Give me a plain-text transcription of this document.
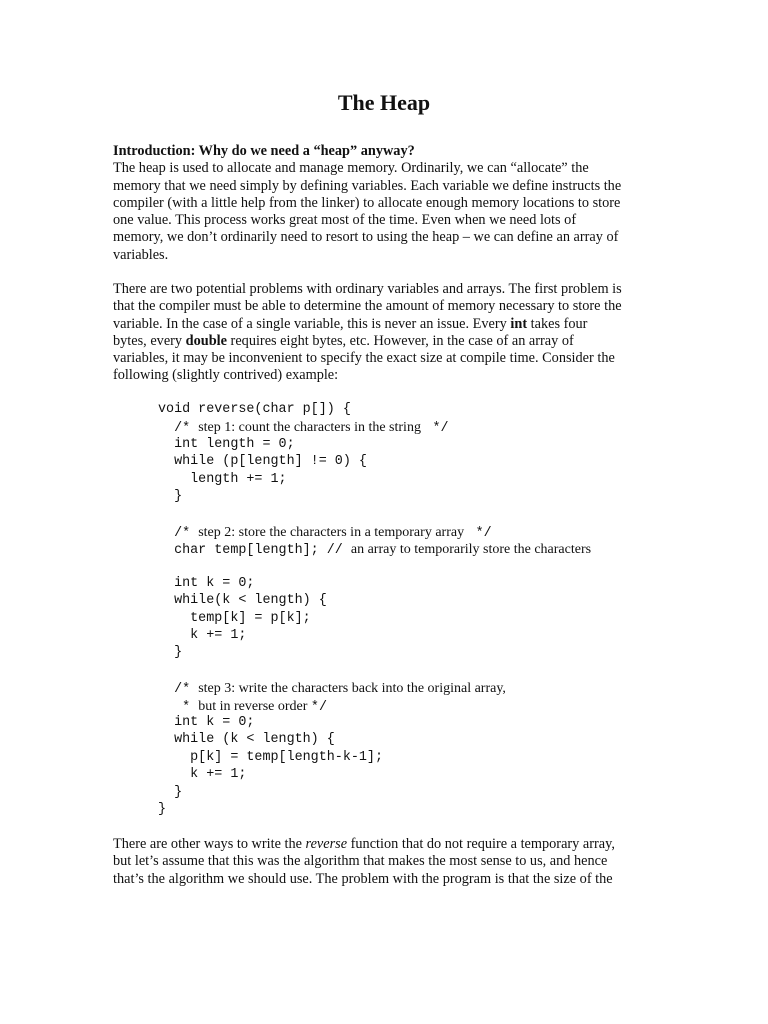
The Heap
Introduction: Why do we need a “heap” anyway?
The heap is used to allocate and manage memory. Ordinarily, we can “allocate” the
memory that we need simply by defining variables. Each variable we define instructs the
compiler (with a little help from the linker) to allocate enough memory locations to store
one value. This process works great most of the time. Even when we need lots of
memory, we don’t ordinarily need to resort to using the heap – we can define an array of
variables.
There are two potential problems with ordinary variables and arrays. The first problem is
that the compiler must be able to determine the amount of memory necessary to store the
variable. In the case of a single variable, this is never an issue. Every int takes four
bytes, every double requires eight bytes, etc. However, in the case of an array of
variables, it may be inconvenient to specify the exact size at compile time. Consider the
following (slightly contrived) example:
void reverse(char p[]) {
/* step 1: count the characters in the string  */
int length = 0;
while (p[length] != 0) {
length += 1;
}
/* step 2: store the characters in a temporary array  */
char temp[length]; // an array to temporarily store the characters
int k = 0;
while(k < length) {
temp[k] = p[k];
k += 1;
}
/* step 3: write the characters back into the original array,
* but in reverse order */
int k = 0;
while (k < length) {
p[k] = temp[length-k-1];
k += 1;
}
}
There are other ways to write the reverse function that do not require a temporary array,
but let’s assume that this was the algorithm that makes the most sense to us, and hence
that’s the algorithm we should use. The problem with the program is that the size of the
